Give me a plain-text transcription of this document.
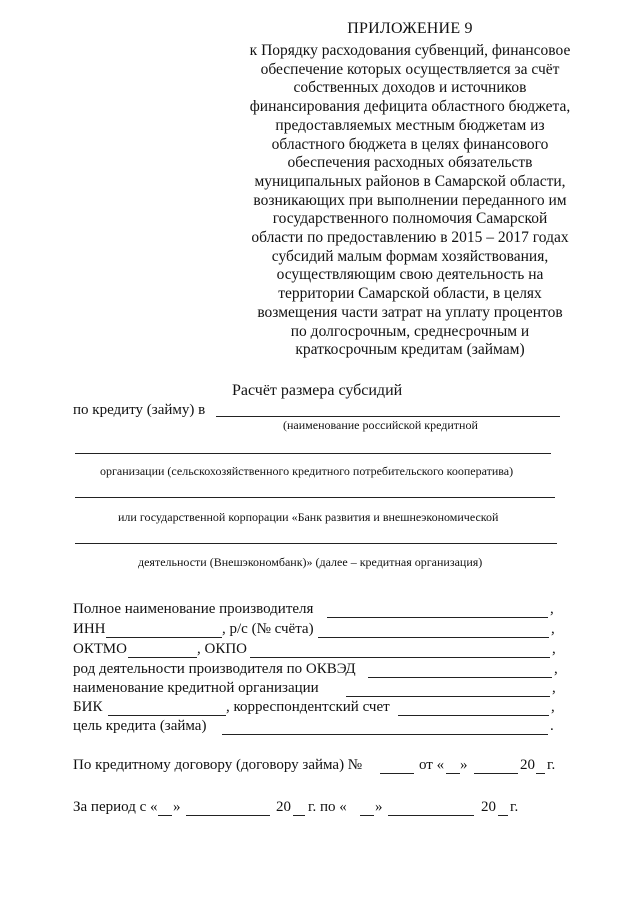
ПРИЛОЖЕНИЕ 9
к Порядку расходования субвенций, финансовое
обеспечение которых осуществляется за счёт
собственных доходов и источников
финансирования дефицита областного бюджета,
предоставляемых местным бюджетам из
областного бюджета в целях финансового
обеспечения расходных обязательств
муниципальных районов в Самарской области,
возникающих при выполнении переданного им
государственного полномочия Самарской
области по предоставлению в 2015 – 2017 годах
субсидий малым формам хозяйствования,
осуществляющим свою деятельность на
территории Самарской области, в целях
возмещения части затрат на уплату процентов
по долгосрочным, среднесрочным и
краткосрочным кредитам (займам)
Расчёт размера субсидий
по кредиту (займу) в
(наименование российской кредитной
организации (сельскохозяйственного кредитного потребительского кооператива)
или государственной корпорации «Банк развития и внешнеэкономической
деятельности (Внешэкономбанк)» (далее – кредитная организация)
Полное наименование производителя	,
ИНН	, р/с (№ счёта)	,
ОКТМО	, ОКПО	,
род деятельности производителя по ОКВЭД	,
наименование кредитной организации	,
БИК	, корреспондентский счет	,
цель кредита (займа)	.
По кредитному договору (договору займа) №	от « »	20 г.
За период с « »	20 г. по « »	20 г.
